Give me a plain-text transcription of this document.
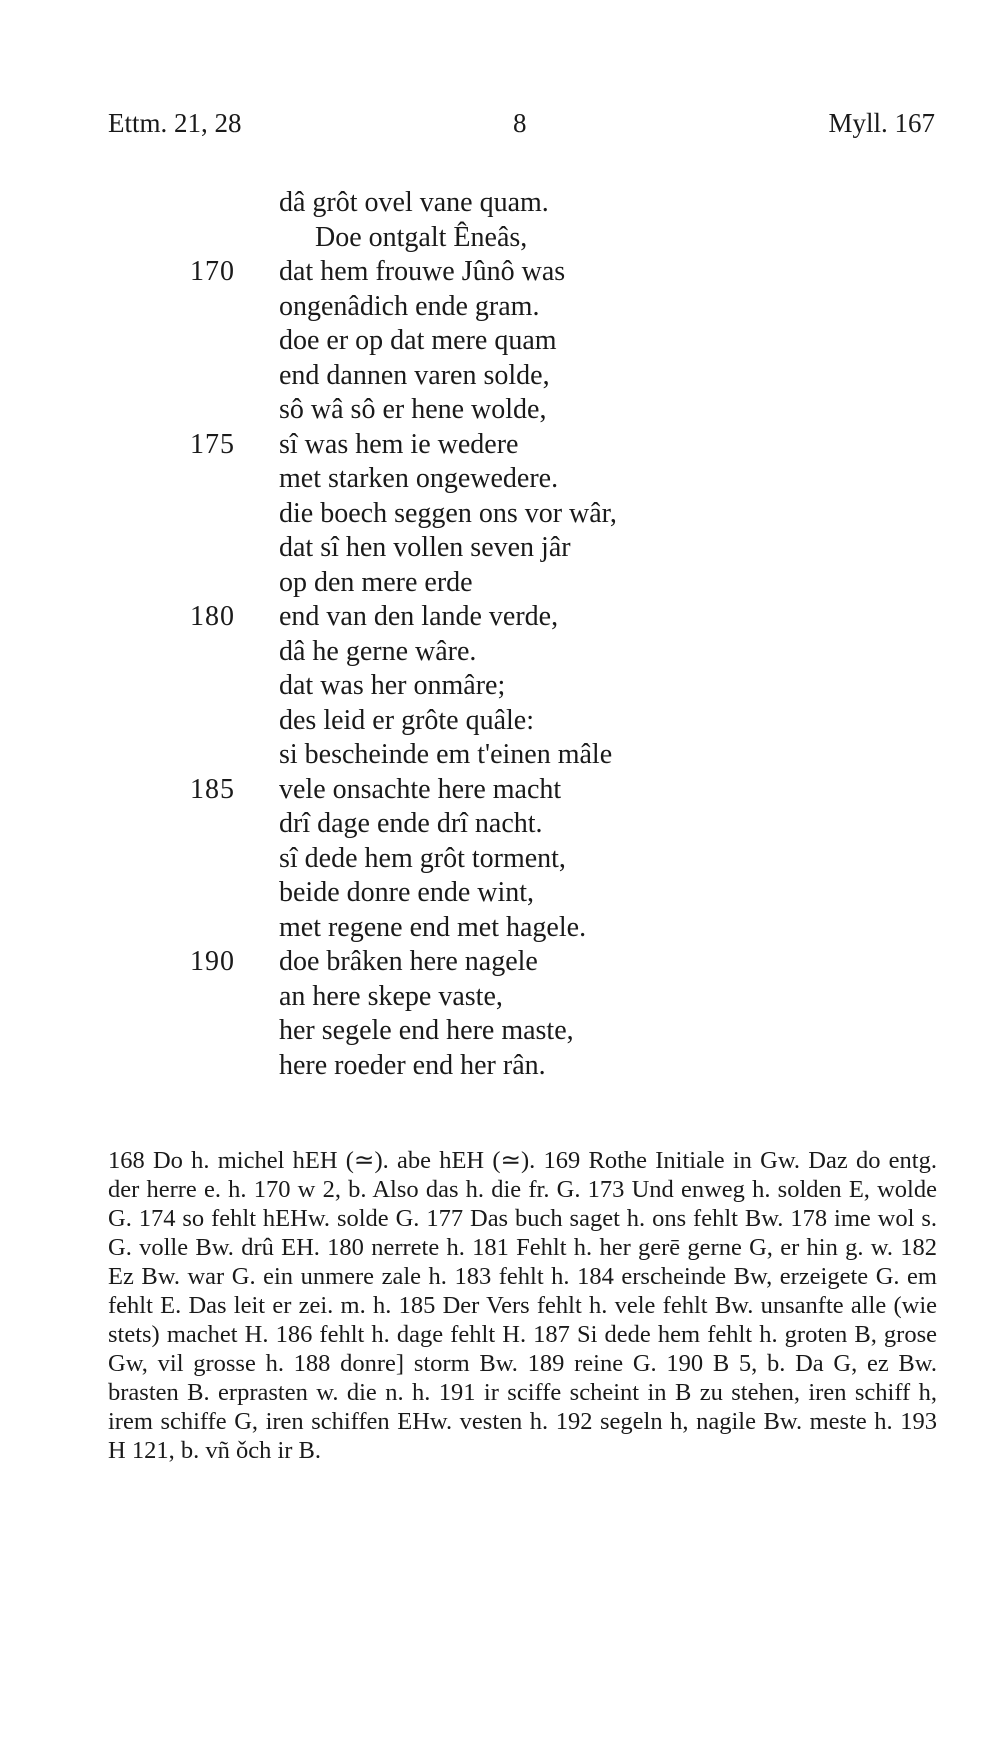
Ettm. 21, 28	8	Myll. 167
dâ grôt ovel vane quam.
Doe ontgalt Êneâs,
170	dat hem frouwe Jûnô was
ongenâdich ende gram.
doe er op dat mere quam
end dannen varen solde,
sô wâ sô er hene wolde,
175	sî was hem ie wedere
met starken ongewedere.
die boech seggen ons vor wâr,
dat sî hen vollen seven jâr
op den mere erde
180	end van den lande verde,
dâ he gerne wâre.
dat was her onmâre;
des leid er grôte quâle:
si bescheinde em t'einen mâle
185	vele onsachte here macht
drî dage ende drî nacht.
sî dede hem grôt torment,
beide donre ende wint,
met regene end met hagele.
190	doe brâken here nagele
an here skepe vaste,
her segele end here maste,
here roeder end her rân.

168 Do h. michel hEH (≃). abe hEH (≃). 169 Rothe Initiale in Gw. Daz do entg. der herre e. h. 170 w 2, b. Also das h. die fr. G. 173 Und enweg h. solden E, wolde G. 174 so fehlt hEHw. solde G. 177 Das buch saget h. ons fehlt Bw. 178 ime wol s. G. volle Bw. drû EH. 180 nerrete h. 181 Fehlt h. her gerē gerne G, er hin g. w. 182 Ez Bw. war G. ein unmere zale h. 183 fehlt h. 184 erscheinde Bw, erzeigete G. em fehlt E. Das leit er zei. m. h. 185 Der Vers fehlt h. vele fehlt Bw. unsanfte alle (wie stets) machet H. 186 fehlt h. dage fehlt H. 187 Si dede hem fehlt h. groten B, grose Gw, vil grosse h. 188 donre] storm Bw. 189 reine G. 190 B 5, b. Da G, ez Bw. brasten B. erprasten w. die n. h. 191 ir sciffe scheint in B zu stehen, iren schiff h, irem schiffe G, iren schiffen EHw. vesten h. 192 segeln h, nagile Bw. meste h. 193 H 121, b. vñ ǒch ir B.
